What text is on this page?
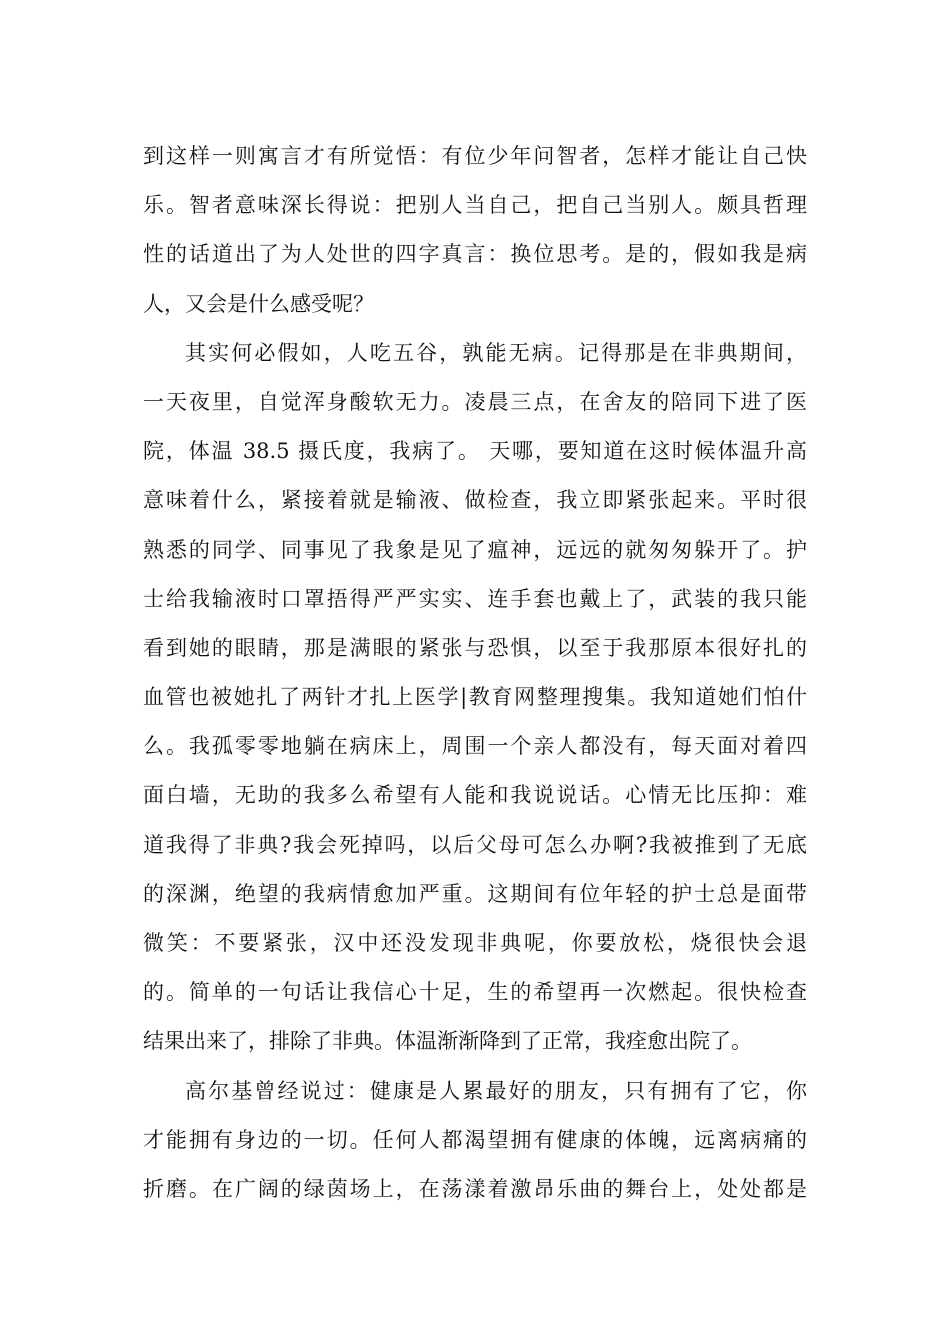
到这样一则寓言才有所觉悟：有位少年问智者，怎样才能让自己快
乐。智者意味深长得说：把别人当自己，把自己当别人。颇具哲理
性的话道出了为人处世的四字真言：换位思考。是的，假如我是病
人，又会是什么感受呢？
其实何必假如，人吃五谷，孰能无病。记得那是在非典期间，
一天夜里，自觉浑身酸软无力。凌晨三点，在舍友的陪同下进了医
院，体温 38.5 摄氏度，我病了。 天哪，要知道在这时候体温升高
意味着什么，紧接着就是输液、做检查，我立即紧张起来。平时很
熟悉的同学、同事见了我象是见了瘟神，远远的就匆匆躲开了。护
士给我输液时口罩捂得严严实实、连手套也戴上了，武装的我只能
看到她的眼睛，那是满眼的紧张与恐惧，以至于我那原本很好扎的
血管也被她扎了两针才扎上医学|教育网整理搜集。我知道她们怕什
么。我孤零零地躺在病床上，周围一个亲人都没有，每天面对着四
面白墙，无助的我多么希望有人能和我说说话。心情无比压抑：难
道我得了非典?我会死掉吗，以后父母可怎么办啊?我被推到了无底
的深渊，绝望的我病情愈加严重。这期间有位年轻的护士总是面带
微笑：不要紧张，汉中还没发现非典呢，你要放松，烧很快会退
的。简单的一句话让我信心十足，生的希望再一次燃起。很快检查
结果出来了，排除了非典。体温渐渐降到了正常，我痊愈出院了。
高尔基曾经说过：健康是人累最好的朋友，只有拥有了它，你
才能拥有身边的一切。任何人都渴望拥有健康的体魄，远离病痛的
折磨。在广阔的绿茵场上，在荡漾着激昂乐曲的舞台上，处处都是
